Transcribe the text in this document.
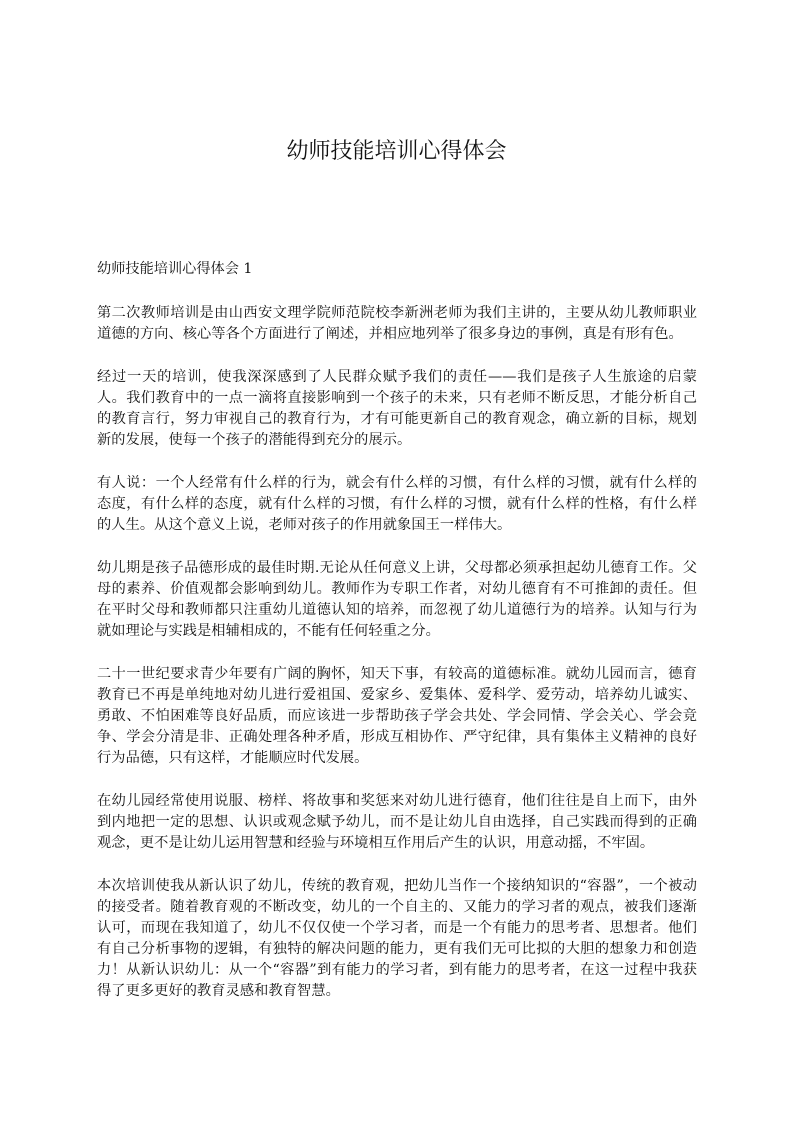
幼师技能培训心得体会

幼师技能培训心得体会 1

第二次教师培训是由山西安文理学院师范院校李新洲老师为我们主讲的，主要从幼儿教师职业道德的方向、核心等各个方面进行了阐述，并相应地列举了很多身边的事例，真是有形有色。

经过一天的培训，使我深深感到了人民群众赋予我们的责任——我们是孩子人生旅途的启蒙人。我们教育中的一点一滴将直接影响到一个孩子的未来，只有老师不断反思，才能分析自己的教育言行，努力审视自己的教育行为，才有可能更新自己的教育观念，确立新的目标，规划新的发展，使每一个孩子的潜能得到充分的展示。

有人说：一个人经常有什么样的行为，就会有什么样的习惯，有什么样的习惯，就有什么样的态度，有什么样的态度，就有什么样的习惯，有什么样的习惯，就有什么样的性格，有什么样的人生。从这个意义上说，老师对孩子的作用就象国王一样伟大。

幼儿期是孩子品德形成的最佳时期.无论从任何意义上讲，父母都必须承担起幼儿德育工作。父母的素养、价值观都会影响到幼儿。教师作为专职工作者，对幼儿德育有不可推卸的责任。但在平时父母和教师都只注重幼儿道德认知的培养，而忽视了幼儿道德行为的培养。认知与行为就如理论与实践是相辅相成的，不能有任何轻重之分。

二十一世纪要求青少年要有广阔的胸怀，知天下事，有较高的道德标准。就幼儿园而言，德育教育已不再是单纯地对幼儿进行爱祖国、爱家乡、爱集体、爱科学、爱劳动，培养幼儿诚实、勇敢、不怕困难等良好品质，而应该进一步帮助孩子学会共处、学会同情、学会关心、学会竞争、学会分清是非、正确处理各种矛盾，形成互相协作、严守纪律，具有集体主义精神的良好行为品德，只有这样，才能顺应时代发展。

在幼儿园经常使用说服、榜样、将故事和奖惩来对幼儿进行德育，他们往往是自上而下，由外到内地把一定的思想、认识或观念赋予幼儿，而不是让幼儿自由选择，自己实践而得到的正确观念，更不是让幼儿运用智慧和经验与环境相互作用后产生的认识，用意动摇，不牢固。

本次培训使我从新认识了幼儿，传统的教育观，把幼儿当作一个接纳知识的“容器”，一个被动的接受者。随着教育观的不断改变，幼儿的一个自主的、又能力的学习者的观点，被我们逐渐认可，而现在我知道了，幼儿不仅仅使一个学习者，而是一个有能力的思考者、思想者。他们有自己分析事物的逻辑，有独特的解决问题的能力，更有我们无可比拟的大胆的想象力和创造力！从新认识幼儿：从一个“容器”到有能力的学习者，到有能力的思考者，在这一过程中我获得了更多更好的教育灵感和教育智慧。
